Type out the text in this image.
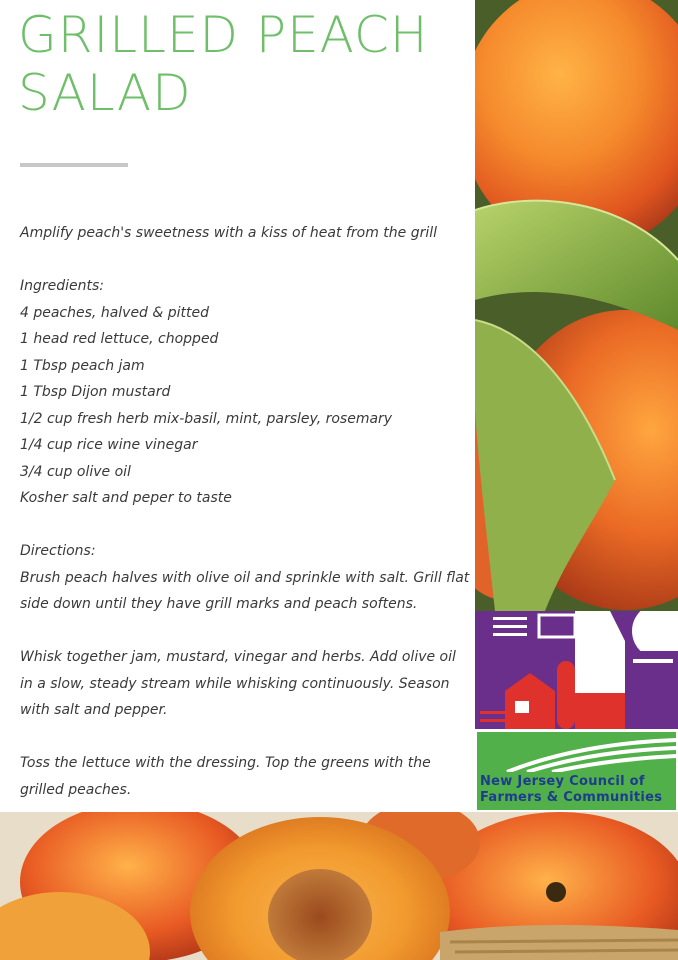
GRILLED PEACH
SALAD

Amplify peach's sweetness with a kiss of heat from the grill

Ingredients:

4 peaches, halved & pitted

1 head red lettuce, chopped

1 Tbsp peach jam

1 Tbsp Dijon mustard

1/2 cup fresh herb mix-basil, mint, parsley, rosemary

1/4 cup rice wine vinegar

3/4 cup olive oil

Kosher salt and peper to taste

Directions:

Brush peach halves with olive oil and sprinkle with salt. Grill flat side down until they have grill marks and peach softens.

Whisk together jam, mustard, vinegar and herbs. Add olive oil in a slow, steady stream while whisking continuously. Season with salt and pepper.

Toss the lettuce with the dressing. Top the greens with the grilled peaches.	New Jersey Council of
Farmers & Communities
